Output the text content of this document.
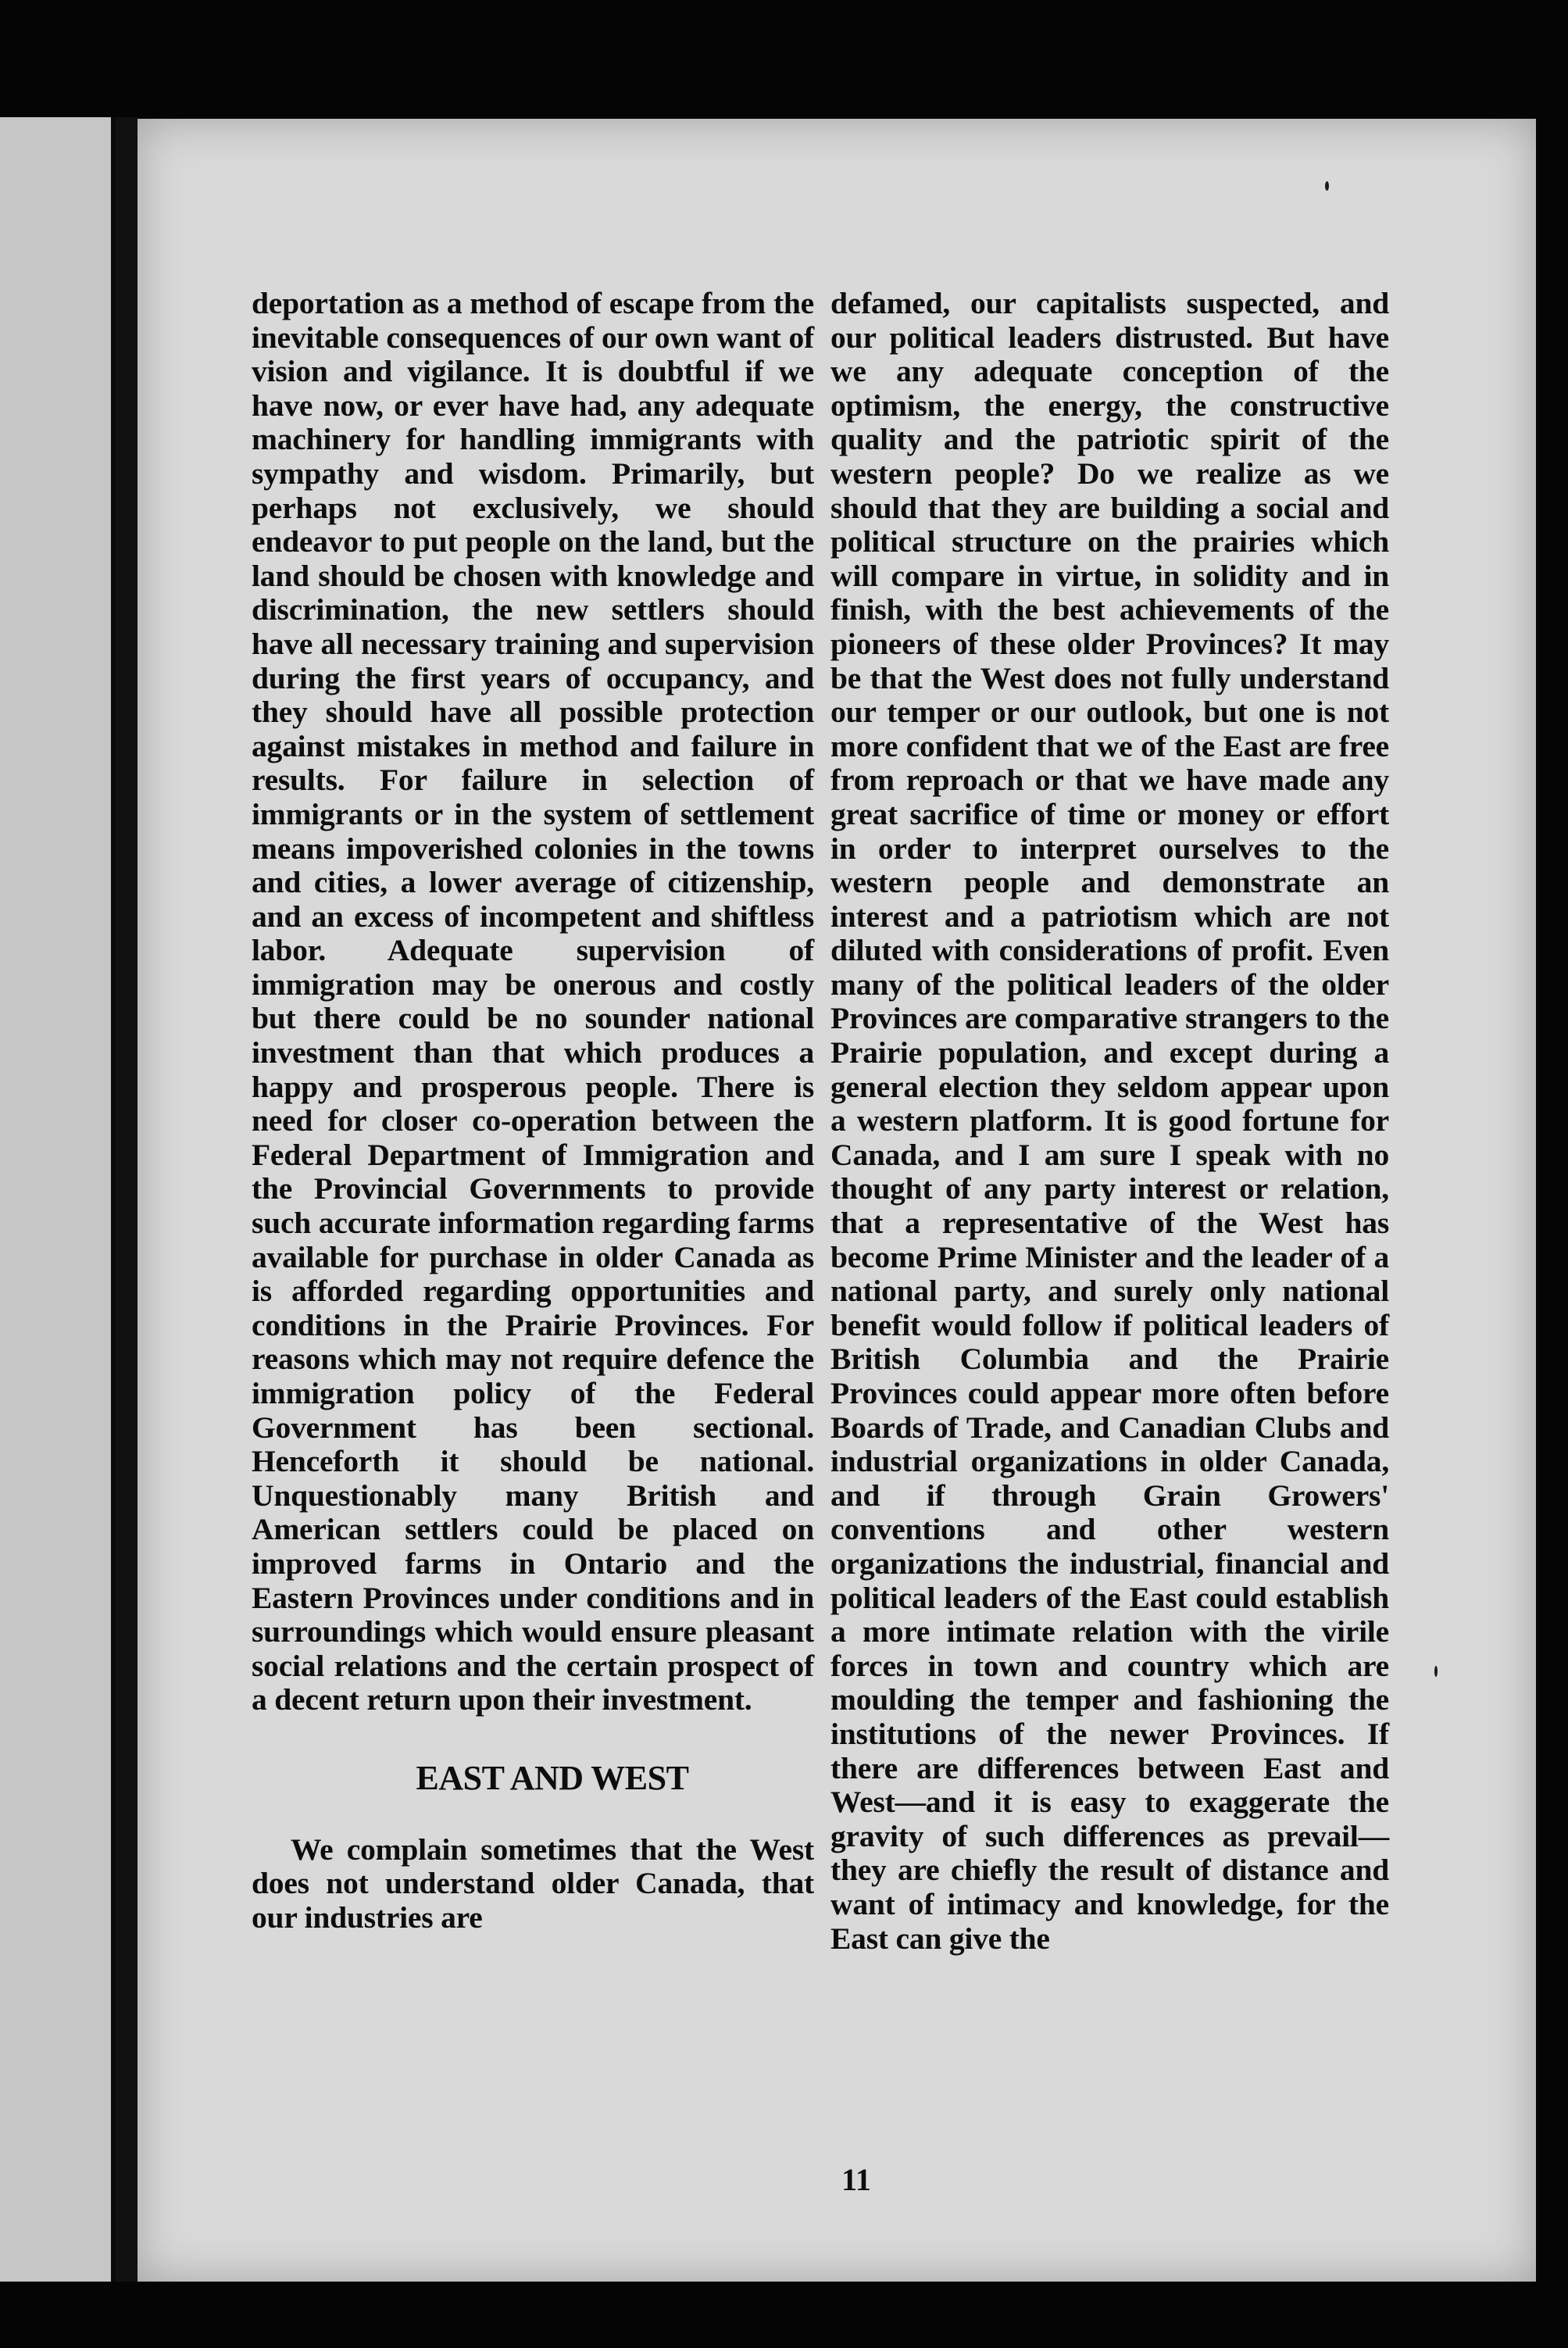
deportation as a method of escape from the inevitable consequences of our own want of vision and vigilance. It is doubtful if we have now, or ever have had, any adequate machinery for handling immigrants with sympathy and wisdom. Primarily, but perhaps not exclusively, we should endeavor to put people on the land, but the land should be chosen with knowledge and discrimination, the new settlers should have all necessary training and supervision during the first years of occupancy, and they should have all possible protection against mistakes in method and failure in results. For failure in selection of immigrants or in the system of settlement means impoverished colonies in the towns and cities, a lower average of citizenship, and an excess of incompetent and shiftless labor. Adequate supervision of immigration may be onerous and costly but there could be no sounder national investment than that which produces a happy and prosperous people. There is need for closer co-operation between the Federal Department of Immigration and the Provincial Governments to provide such accurate information regarding farms available for purchase in older Canada as is afforded regarding opportunities and conditions in the Prairie Provinces. For reasons which may not require defence the immigration policy of the Federal Government has been sectional. Henceforth it should be national. Unquestionably many British and American settlers could be placed on improved farms in Ontario and the Eastern Provinces under conditions and in surroundings which would ensure pleasant social relations and the certain prospect of a decent return upon their investment.

EAST AND WEST

We complain sometimes that the West does not understand older Canada, that our industries are

defamed, our capitalists suspected, and our political leaders distrusted. But have we any adequate conception of the optimism, the energy, the constructive quality and the patriotic spirit of the western people? Do we realize as we should that they are building a social and political structure on the prairies which will compare in virtue, in solidity and in finish, with the best achievements of the pioneers of these older Provinces? It may be that the West does not fully understand our temper or our outlook, but one is not more confident that we of the East are free from reproach or that we have made any great sacrifice of time or money or effort in order to interpret ourselves to the western people and demonstrate an interest and a patriotism which are not diluted with considerations of profit. Even many of the political leaders of the older Provinces are comparative strangers to the Prairie population, and except during a general election they seldom appear upon a western platform. It is good fortune for Canada, and I am sure I speak with no thought of any party interest or relation, that a representative of the West has become Prime Minister and the leader of a national party, and surely only national benefit would follow if political leaders of British Columbia and the Prairie Provinces could appear more often before Boards of Trade, and Canadian Clubs and industrial organizations in older Canada, and if through Grain Growers' conventions and other western organizations the industrial, financial and political leaders of the East could establish a more intimate relation with the virile forces in town and country which are moulding the temper and fashioning the institutions of the newer Provinces. If there are differences between East and West—and it is easy to exaggerate the gravity of such differences as prevail—they are chiefly the result of distance and want of intimacy and knowledge, for the East can give the

11
